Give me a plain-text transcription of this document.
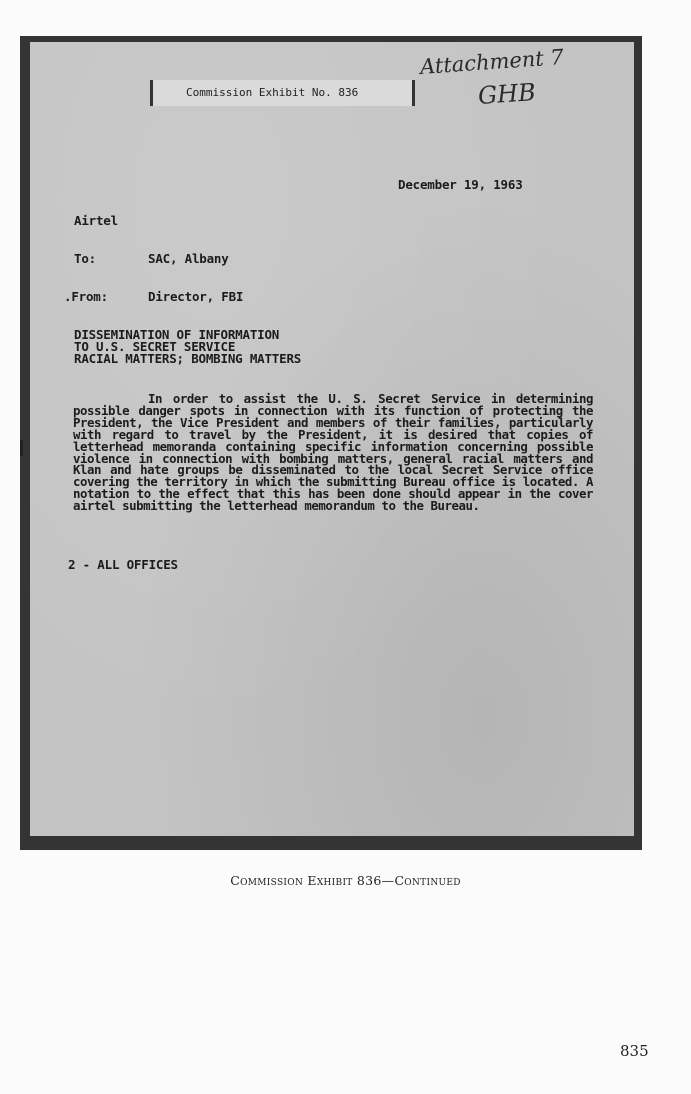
Commission Exhibit No. 836
Attachment 7
GHB
December 19, 1963
Airtel
To:	SAC, Albany
.From:	Director, FBI
DISSEMINATION OF INFORMATION
TO U.S. SECRET SERVICE
RACIAL MATTERS; BOMBING MATTERS

In order to assist the U. S. Secret Service in determining possible danger spots in connection with its function of protecting the President, the Vice President and members of their families, particularly with regard to travel by the President, it is desired that copies of letterhead memoranda containing specific information concerning possible violence in connection with bombing matters, general racial matters and Klan and hate groups be disseminated to the local Secret Service office covering the territory in which the submitting Bureau office is located. A notation to the effect that this has been done should appear in the cover airtel submitting the letterhead memorandum to the Bureau.

2 - ALL OFFICES
Commission Exhibit 836—Continued
835
